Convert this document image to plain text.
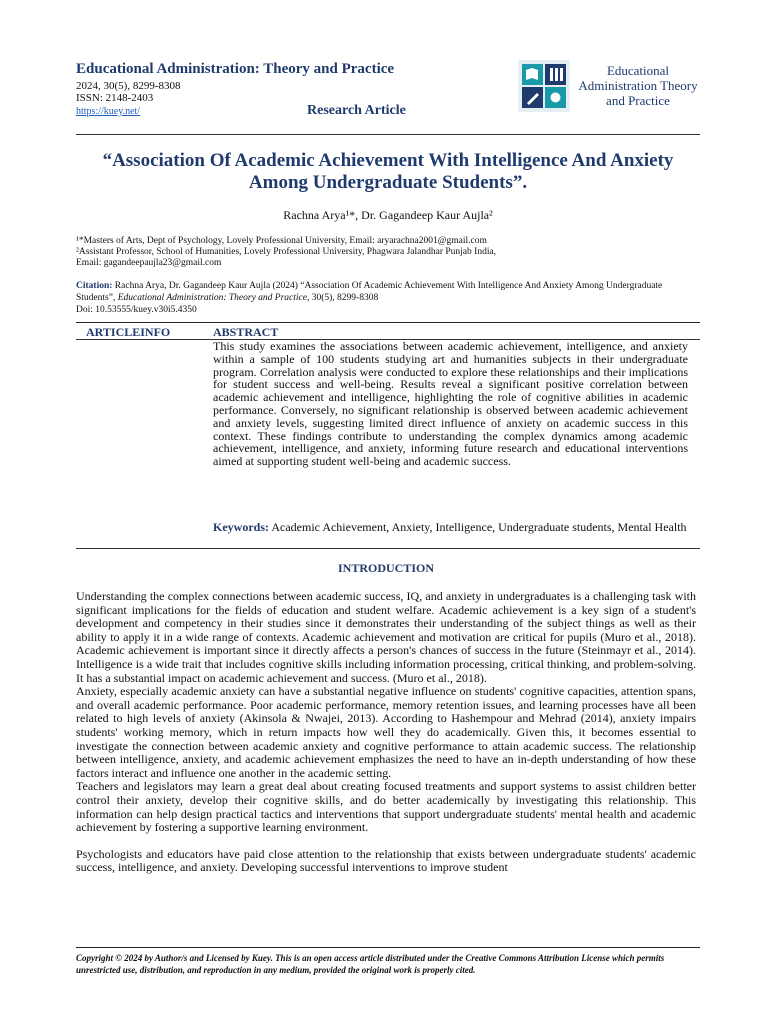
Educational Administration: Theory and Practice
2024, 30(5), 8299-8308
ISSN: 2148-2403
https://kuey.net/	Research Article
Educational Administration Theory and Practice
“Association Of Academic Achievement With Intelligence And Anxiety Among Undergraduate Students”.
Rachna Arya¹*, Dr. Gagandeep Kaur Aujla²
¹*Masters of Arts, Dept of Psychology, Lovely Professional University, Email: aryarachna2001@gmail.com
²Assistant Professor, School of Humanities, Lovely Professional University, Phagwara Jalandhar Punjab India,
Email: gagandeepaujla23@gmail.com
Citation: Rachna Arya, Dr. Gagandeep Kaur Aujla (2024) “Association Of Academic Achievement With Intelligence And Anxiety Among Undergraduate Students”, Educational Administration: Theory and Practice, 30(5), 8299-8308
Doi: 10.53555/kuey.v30i5.4350
ARTICLEINFO	ABSTRACT
This study examines the associations between academic achievement, intelligence, and anxiety within a sample of 100 students studying art and humanities subjects in their undergraduate program. Correlation analysis were conducted to explore these relationships and their implications for student success and well-being. Results reveal a significant positive correlation between academic achievement and intelligence, highlighting the role of cognitive abilities in academic performance. Conversely, no significant relationship is observed between academic achievement and anxiety levels, suggesting limited direct influence of anxiety on academic success in this context. These findings contribute to understanding the complex dynamics among academic achievement, intelligence, and anxiety, informing future research and educational interventions aimed at supporting student well-being and academic success.
Keywords: Academic Achievement, Anxiety, Intelligence, Undergraduate students, Mental Health
INTRODUCTION

Understanding the complex connections between academic success, IQ, and anxiety in undergraduates is a challenging task with significant implications for the fields of education and student welfare. Academic achievement is a key sign of a student's development and competency in their studies since it demonstrates their understanding of the subject things as well as their ability to apply it in a wide range of contexts. Academic achievement and motivation are critical for pupils (Muro et al., 2018). Academic achievement is important since it directly affects a person's chances of success in the future (Steinmayr et al., 2014). Intelligence is a wide trait that includes cognitive skills including information processing, critical thinking, and problem-solving. It has a substantial impact on academic achievement and success. (Muro et al., 2018).

Anxiety, especially academic anxiety can have a substantial negative influence on students' cognitive capacities, attention spans, and overall academic performance. Poor academic performance, memory retention issues, and learning processes have all been related to high levels of anxiety (Akinsola & Nwajei, 2013). According to Hashempour and Mehrad (2014), anxiety impairs students' working memory, which in return impacts how well they do academically. Given this, it becomes essential to investigate the connection between academic anxiety and cognitive performance to attain academic success. The relationship between intelligence, anxiety, and academic achievement emphasizes the need to have an in-depth understanding of how these factors interact and influence one another in the academic setting.

Teachers and legislators may learn a great deal about creating focused treatments and support systems to assist children better control their anxiety, develop their cognitive skills, and do better academically by investigating this relationship. This information can help design practical tactics and interventions that support undergraduate students' mental health and academic achievement by fostering a supportive learning environment.

Psychologists and educators have paid close attention to the relationship that exists between undergraduate students' academic success, intelligence, and anxiety. Developing successful interventions to improve student

Copyright © 2024 by Author/s and Licensed by Kuey. This is an open access article distributed under the Creative Commons Attribution License which permits unrestricted use, distribution, and reproduction in any medium, provided the original work is properly cited.
